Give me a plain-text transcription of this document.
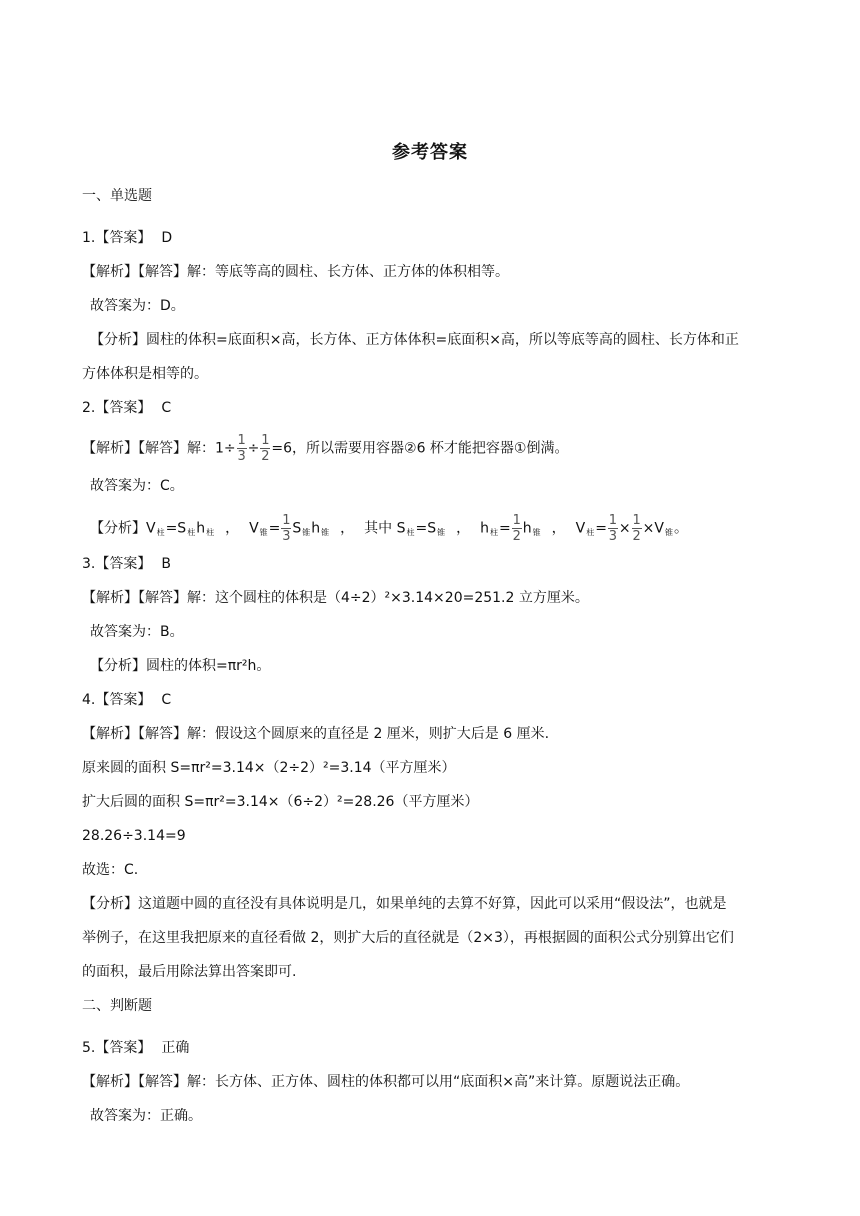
参考答案
一、单选题
1.【答案】 D
【解析】【解答】解：等底等高的圆柱、长方体、正方体的体积相等。
故答案为：D。
【分析】圆柱的体积=底面积×高，长方体、正方体体积=底面积×高，所以等底等高的圆柱、长方体和正
方体体积是相等的。
2.【答案】 C
【解析】【解答】解：$1\div \frac{1}{3} \div \frac{1}{2} =6$，所以需要用容器②6 杯才能把容器①倒满。
故答案为：C。
【分析】$V_柱=S_柱h_柱$ ， $V_锥= \frac{1}{3} S_锥h_锥$ ， 其中 $S_柱=S_锥$ ， $h_柱= \frac{1}{2} h_锥$ ， $V_柱= \frac{1}{3} \times \frac{1}{2} \times V_锥$。
3.【答案】 B
【解析】【解答】解：这个圆柱的体积是（4÷2）²×3.14×20=251.2 立方厘米。
故答案为：B。
【分析】圆柱的体积=πr²h。
4.【答案】 C
【解析】【解答】解：假设这个圆原来的直径是 2 厘米，则扩大后是 6 厘米.
原来圆的面积 S=πr²=3.14×（2÷2）²=3.14（平方厘米）
扩大后圆的面积 S=πr²=3.14×（6÷2）²=28.26（平方厘米）
28.26÷3.14=9
故选：C.
【分析】这道题中圆的直径没有具体说明是几，如果单纯的去算不好算，因此可以采用“假设法”，也就是
举例子，在这里我把原来的直径看做 2，则扩大后的直径就是（2×3），再根据圆的面积公式分别算出它们
的面积，最后用除法算出答案即可.
二、判断题
5.【答案】 正确
【解析】【解答】解：长方体、正方体、圆柱的体积都可以用“底面积×高”来计算。原题说法正确。
故答案为：正确。
